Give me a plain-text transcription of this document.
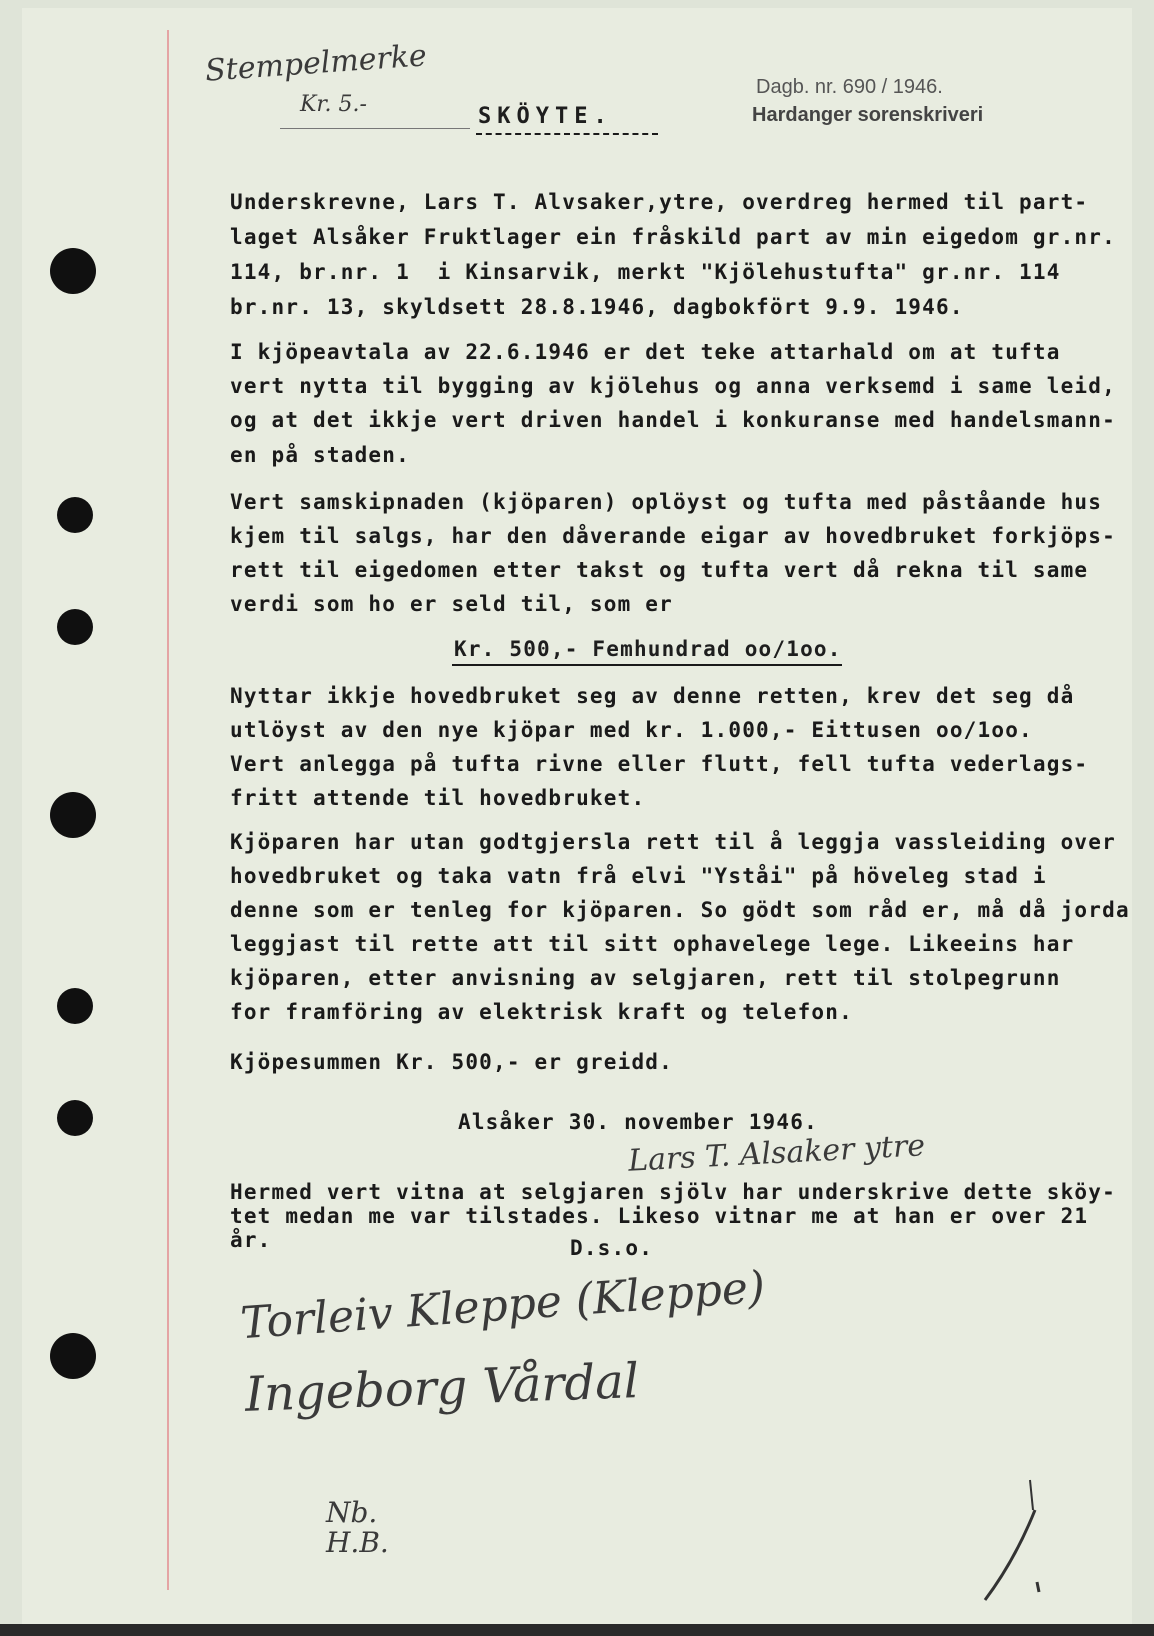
Stempelmerke
Kr. 5.-	SKÖYTE.
Dagb. nr. 690 / 1946.
Hardanger sorenskriveri
Underskrevne, Lars T. Alvsaker,ytre, overdreg hermed til part-
laget Alsåker Fruktlager ein fråskild part av min eigedom gr.nr.
114, br.nr. 1  i Kinsarvik, merkt "Kjölehustufta" gr.nr. 114
br.nr. 13, skyldsett 28.8.1946, dagbokfört 9.9. 1946.
I kjöpeavtala av 22.6.1946 er det teke attarhald om at tufta
vert nytta til bygging av kjölehus og anna verksemd i same leid,
og at det ikkje vert driven handel i konkuranse med handelsmann-
en på staden.
Vert samskipnaden (kjöparen) oplöyst og tufta med påståande hus
kjem til salgs, har den dåverande eigar av hovedbruket forkjöps-
rett til eigedomen etter takst og tufta vert då rekna til same
verdi som ho er seld til, som er
Kr. 500,- Femhundrad oo/1oo.
Nyttar ikkje hovedbruket seg av denne retten, krev det seg då
utlöyst av den nye kjöpar med kr. 1.000,- Eittusen oo/1oo.
Vert anlegga på tufta rivne eller flutt, fell tufta vederlags-
fritt attende til hovedbruket.
Kjöparen har utan godtgjersla rett til å leggja vassleiding over
hovedbruket og taka vatn frå elvi "Yståi" på höveleg stad i
denne som er tenleg for kjöparen. So gödt som råd er, må då jorda
leggjast til rette att til sitt ophavelege lege. Likeeins har
kjöparen, etter anvisning av selgjaren, rett til stolpegrunn
for framföring av elektrisk kraft og telefon.
Kjöpesummen Kr. 500,- er greidd.
Alsåker 30. november 1946.
Lars T. Alsaker ytre
Hermed vert vitna at selgjaren sjölv har underskrive dette sköy-
tet medan me var tilstades. Likeso vitnar me at han er over 21
år.	D.s.o.
Torleiv Kleppe (Kleppe)
Ingeborg Vårdal
Nb. H.B.
